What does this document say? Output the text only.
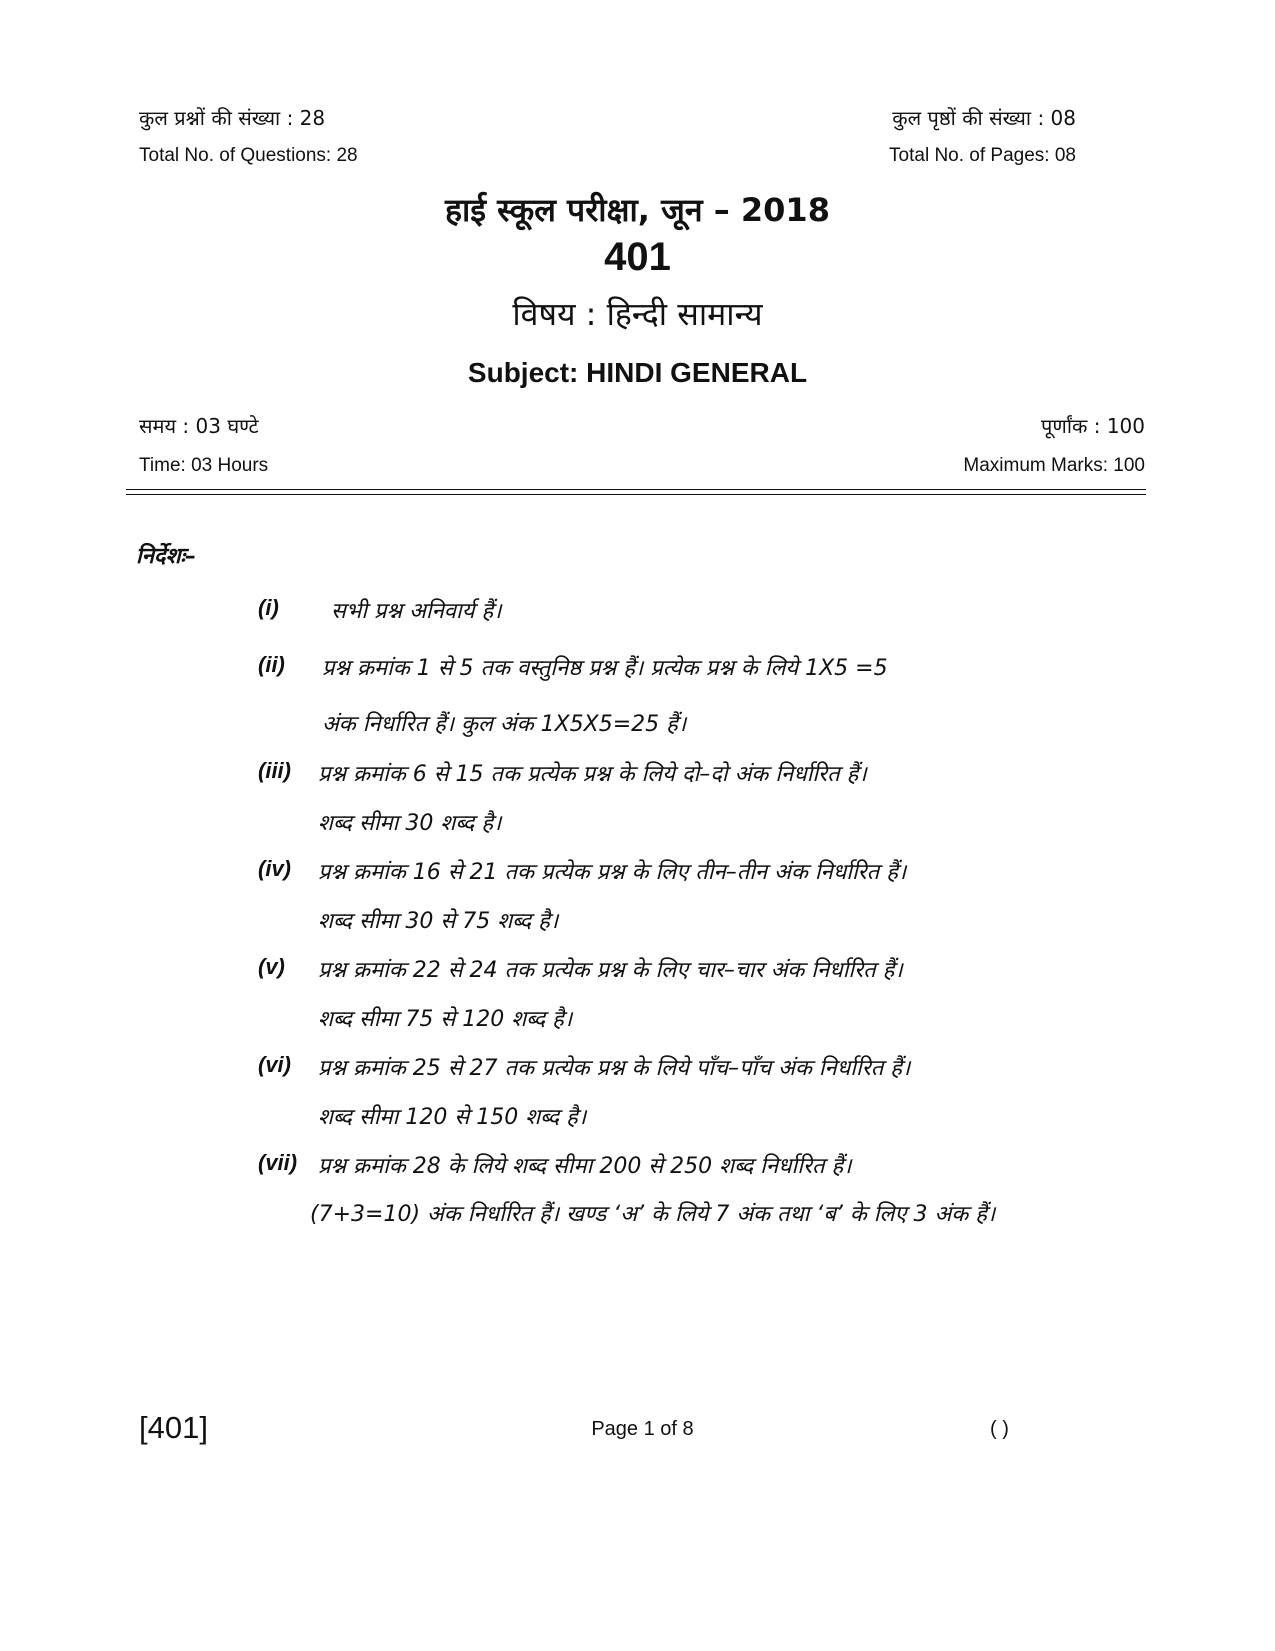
कुल प्रश्नों की संख्या : 28	कुल पृष्ठों की संख्या : 08
Total No. of Questions: 28	Total No. of Pages: 08
हाई स्कूल परीक्षा, जून – 2018
401
विषय : हिन्दी सामान्य
Subject: HINDI GENERAL
समय : 03 घण्टे	पूर्णांक : 100
Time: 03 Hours	Maximum Marks: 100
निर्देशः–
(i) सभी प्रश्न अनिवार्य हैं।
(ii) प्रश्न क्रमांक 1 से 5 तक वस्तुनिष्ठ प्रश्न हैं। प्रत्येक प्रश्न के लिये 1X5 =5
अंक निर्धारित हैं। कुल अंक 1X5X5=25 हैं।
(iii) प्रश्न क्रमांक 6 से 15 तक प्रत्येक प्रश्न के लिये दो–दो अंक निर्धारित हैं।
शब्द सीमा 30 शब्द है।
(iv) प्रश्न क्रमांक 16 से 21 तक प्रत्येक प्रश्न के लिए तीन–तीन अंक निर्धारित हैं।
शब्द सीमा 30 से 75 शब्द है।
(v) प्रश्न क्रमांक 22 से 24 तक प्रत्येक प्रश्न के लिए चार–चार अंक निर्धारित हैं।
शब्द सीमा 75 से 120 शब्द है।
(vi) प्रश्न क्रमांक 25 से 27 तक प्रत्येक प्रश्न के लिये पाँच–पाँच अंक निर्धारित हैं।
शब्द सीमा 120 से 150 शब्द है।
(vii) प्रश्न क्रमांक 28 के लिये शब्द सीमा 200 से 250 शब्द निर्धारित हैं।
(7+3=10) अंक निर्धारित हैं। खण्ड ‘अ’ के लिये 7 अंक तथा ‘ब’ के लिए 3 अंक हैं।
[401]	Page 1 of 8	( )
